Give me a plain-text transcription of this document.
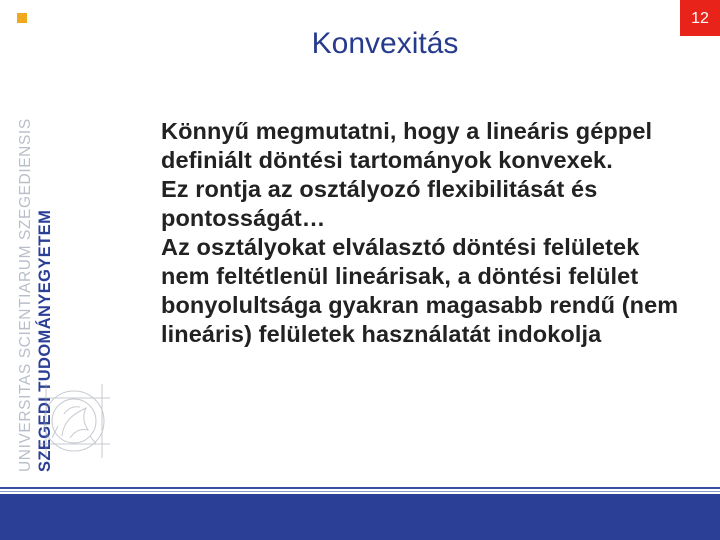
UNIVERSITAS SCIENTIARUM SZEGEDIENSIS SZEGEDI TUDOMÁNYEGYETEM
12
Konvexitás

Könnyű megmutatni, hogy a lineáris géppel definiált döntési tartományok konvexek.

Ez rontja az osztályozó flexibilitását és pontosságát…

Az osztályokat elválasztó döntési felületek nem feltétlenül lineárisak, a döntési felület bonyolultsága gyakran magasabb rendű (nem lineáris) felületek használatát indokolja
